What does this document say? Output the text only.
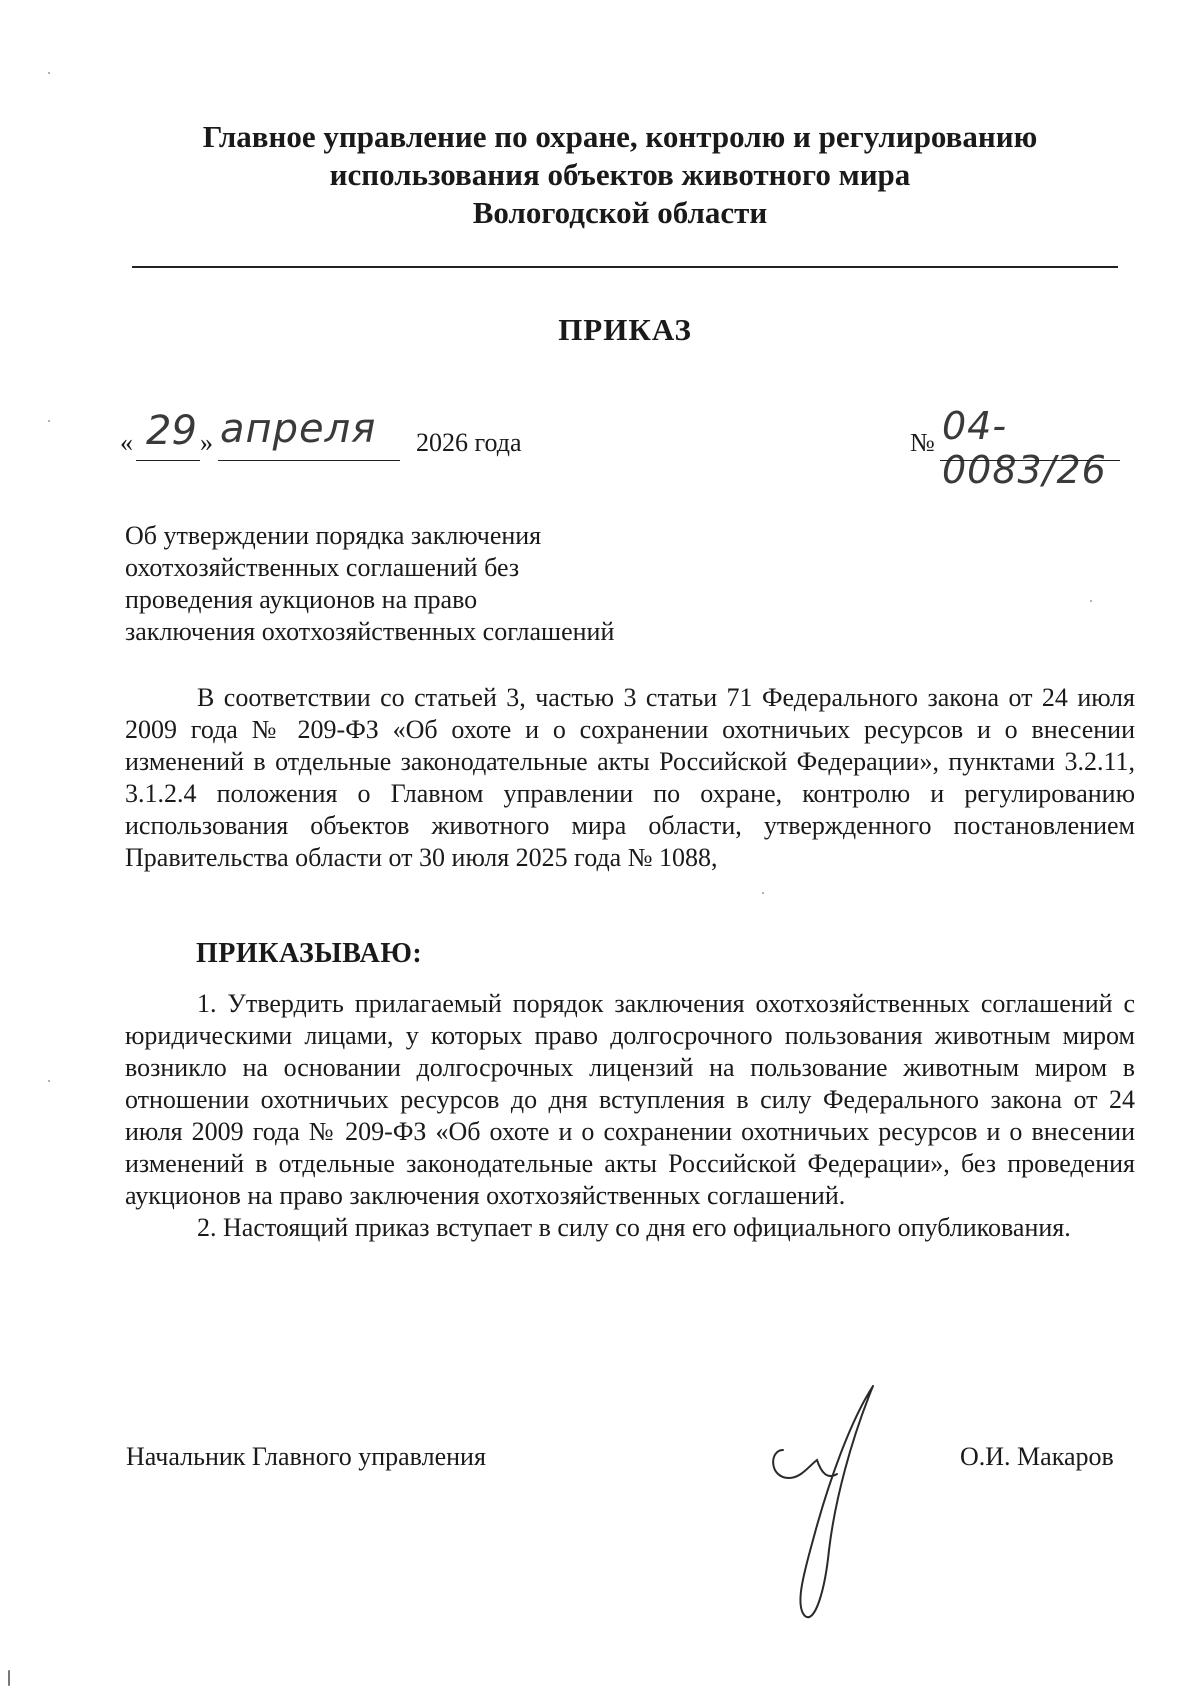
Главное управление по охране, контролю и регулированию
использования объектов животного мира
Вологодской области
ПРИКАЗ
« 29 » апреля 2026 года	№ 04-0083/26
Об утверждении порядка заключения
охотхозяйственных соглашений без
проведения аукционов на право
заключения охотхозяйственных соглашений

В соответствии со статьей 3, частью 3 статьи 71 Федерального закона от 24 июля 2009 года № 209-ФЗ «Об охоте и о сохранении охотничьих ресурсов и о внесении изменений в отдельные законодательные акты Российской Федерации», пунктами 3.2.11, 3.1.2.4 положения о Главном управлении по охране, контролю и регулированию использования объектов животного мира области, утвержденного постановлением Правительства области от 30 июля 2025 года № 1088,

ПРИКАЗЫВАЮ:

1. Утвердить прилагаемый порядок заключения охотхозяйственных соглашений с юридическими лицами, у которых право долгосрочного пользования животным миром возникло на основании долгосрочных лицензий на пользование животным миром в отношении охотничьих ресурсов до дня вступления в силу Федерального закона от 24 июля 2009 года № 209-ФЗ «Об охоте и о сохранении охотничьих ресурсов и о внесении изменений в отдельные законодательные акты Российской Федерации», без проведения аукционов на право заключения охотхозяйственных соглашений.

2. Настоящий приказ вступает в силу со дня его официального опубликования.

Начальник Главного управления	О.И. Макаров
